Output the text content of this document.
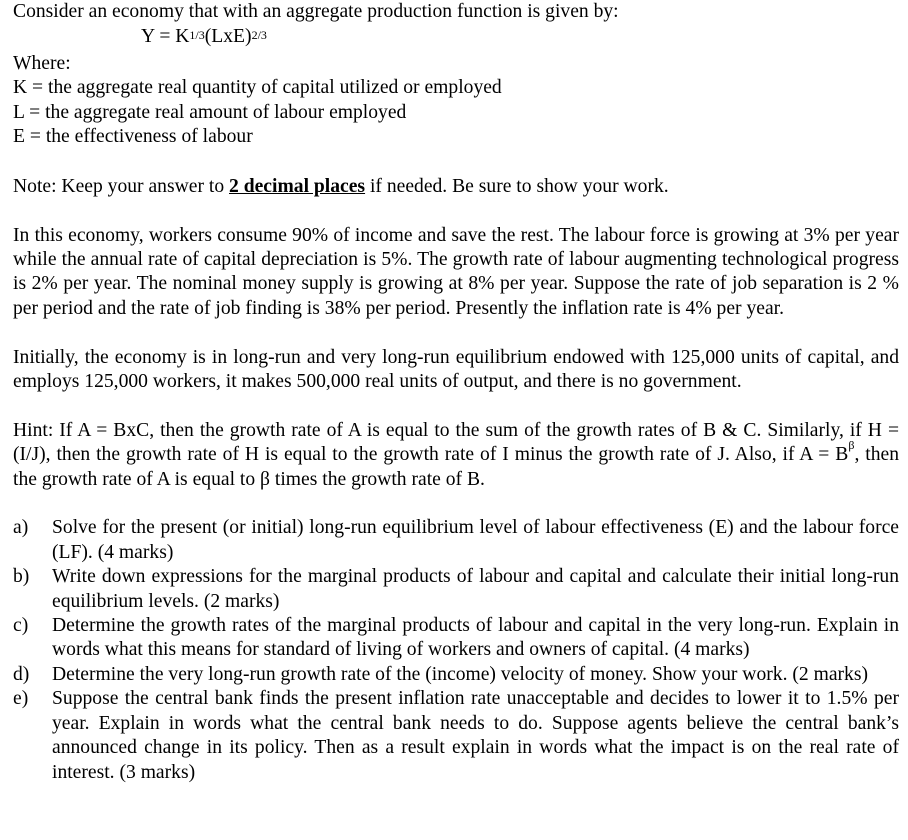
Consider an economy that with an aggregate production function is given by:
$Y = K^{1/3}(LxE)^{2/3}$
Where:
K = the aggregate real quantity of capital utilized or employed
L = the aggregate real amount of labour employed
E = the effectiveness of labour
Note: Keep your answer to 2 decimal places if needed. Be sure to show your work.
In this economy, workers consume 90% of income and save the rest. The labour force is growing at 3% per year while the annual rate of capital depreciation is 5%. The growth rate of labour augmenting technological progress is 2% per year. The nominal money supply is growing at 8% per year. Suppose the rate of job separation is 2 % per period and the rate of job finding is 38% per period. Presently the inflation rate is 4% per year.
Initially, the economy is in long-run and very long-run equilibrium endowed with 125,000 units of capital, and employs 125,000 workers, it makes 500,000 real units of output, and there is no government.
Hint: If A = BxC, then the growth rate of A is equal to the sum of the growth rates of B & C. Similarly, if H = (I/J), then the growth rate of H is equal to the growth rate of I minus the growth rate of J. Also, if $A = B^\beta$, then the growth rate of A is equal to β times the growth rate of B.
a) Solve for the present (or initial) long-run equilibrium level of labour effectiveness (E) and the labour force (LF). (4 marks)
b) Write down expressions for the marginal products of labour and capital and calculate their initial long-run equilibrium levels. (2 marks)
c) Determine the growth rates of the marginal products of labour and capital in the very long-run. Explain in words what this means for standard of living of workers and owners of capital. (4 marks)
d) Determine the very long-run growth rate of the (income) velocity of money. Show your work. (2 marks)
e) Suppose the central bank finds the present inflation rate unacceptable and decides to lower it to 1.5% per year. Explain in words what the central bank needs to do. Suppose agents believe the central bank’s announced change in its policy. Then as a result explain in words what the impact is on the real rate of interest. (3 marks)
